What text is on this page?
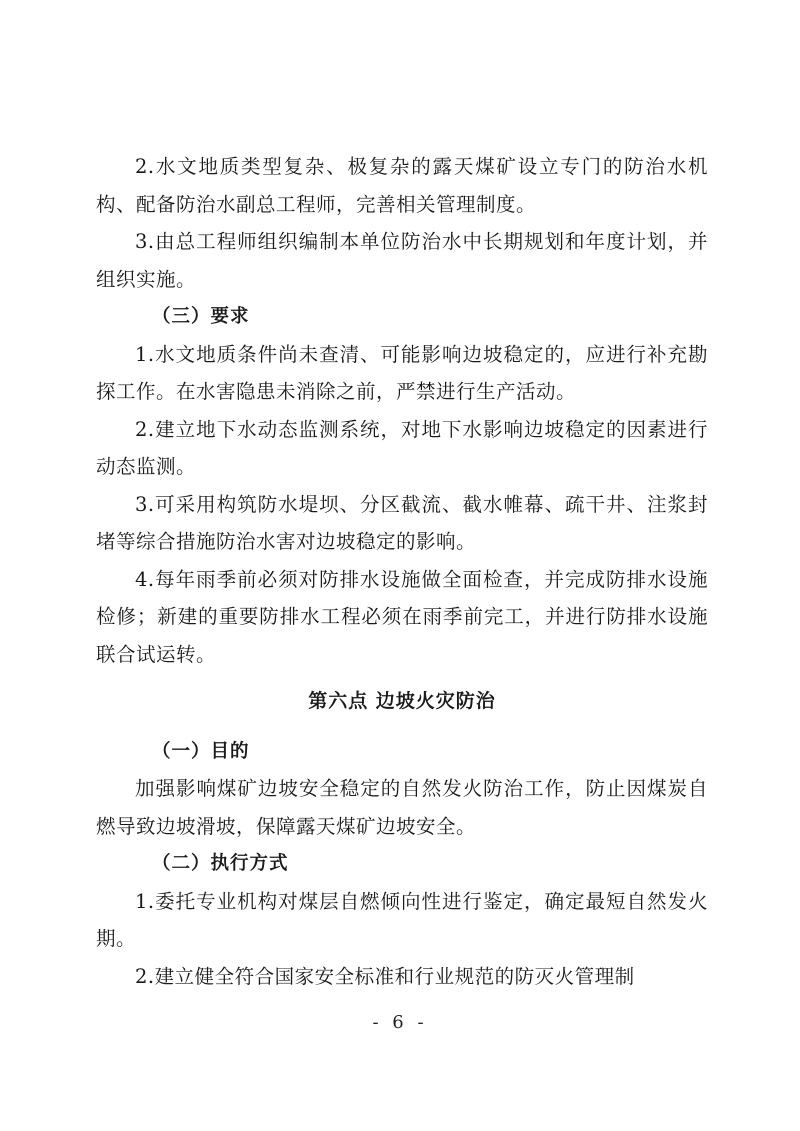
2.水文地质类型复杂、极复杂的露天煤矿设立专门的防治水机构、配备防治水副总工程师，完善相关管理制度。

3.由总工程师组织编制本单位防治水中长期规划和年度计划，并组织实施。

（三）要求

1.水文地质条件尚未查清、可能影响边坡稳定的，应进行补充勘探工作。在水害隐患未消除之前，严禁进行生产活动。

2.建立地下水动态监测系统，对地下水影响边坡稳定的因素进行动态监测。

3.可采用构筑防水堤坝、分区截流、截水帷幕、疏干井、注浆封堵等综合措施防治水害对边坡稳定的影响。

4.每年雨季前必须对防排水设施做全面检查，并完成防排水设施检修；新建的重要防排水工程必须在雨季前完工，并进行防排水设施联合试运转。

第六点 边坡火灾防治

（一）目的

加强影响煤矿边坡安全稳定的自然发火防治工作，防止因煤炭自燃导致边坡滑坡，保障露天煤矿边坡安全。

（二）执行方式

1.委托专业机构对煤层自燃倾向性进行鉴定，确定最短自然发火期。

2.建立健全符合国家安全标准和行业规范的防灭火管理制

- 6 -
